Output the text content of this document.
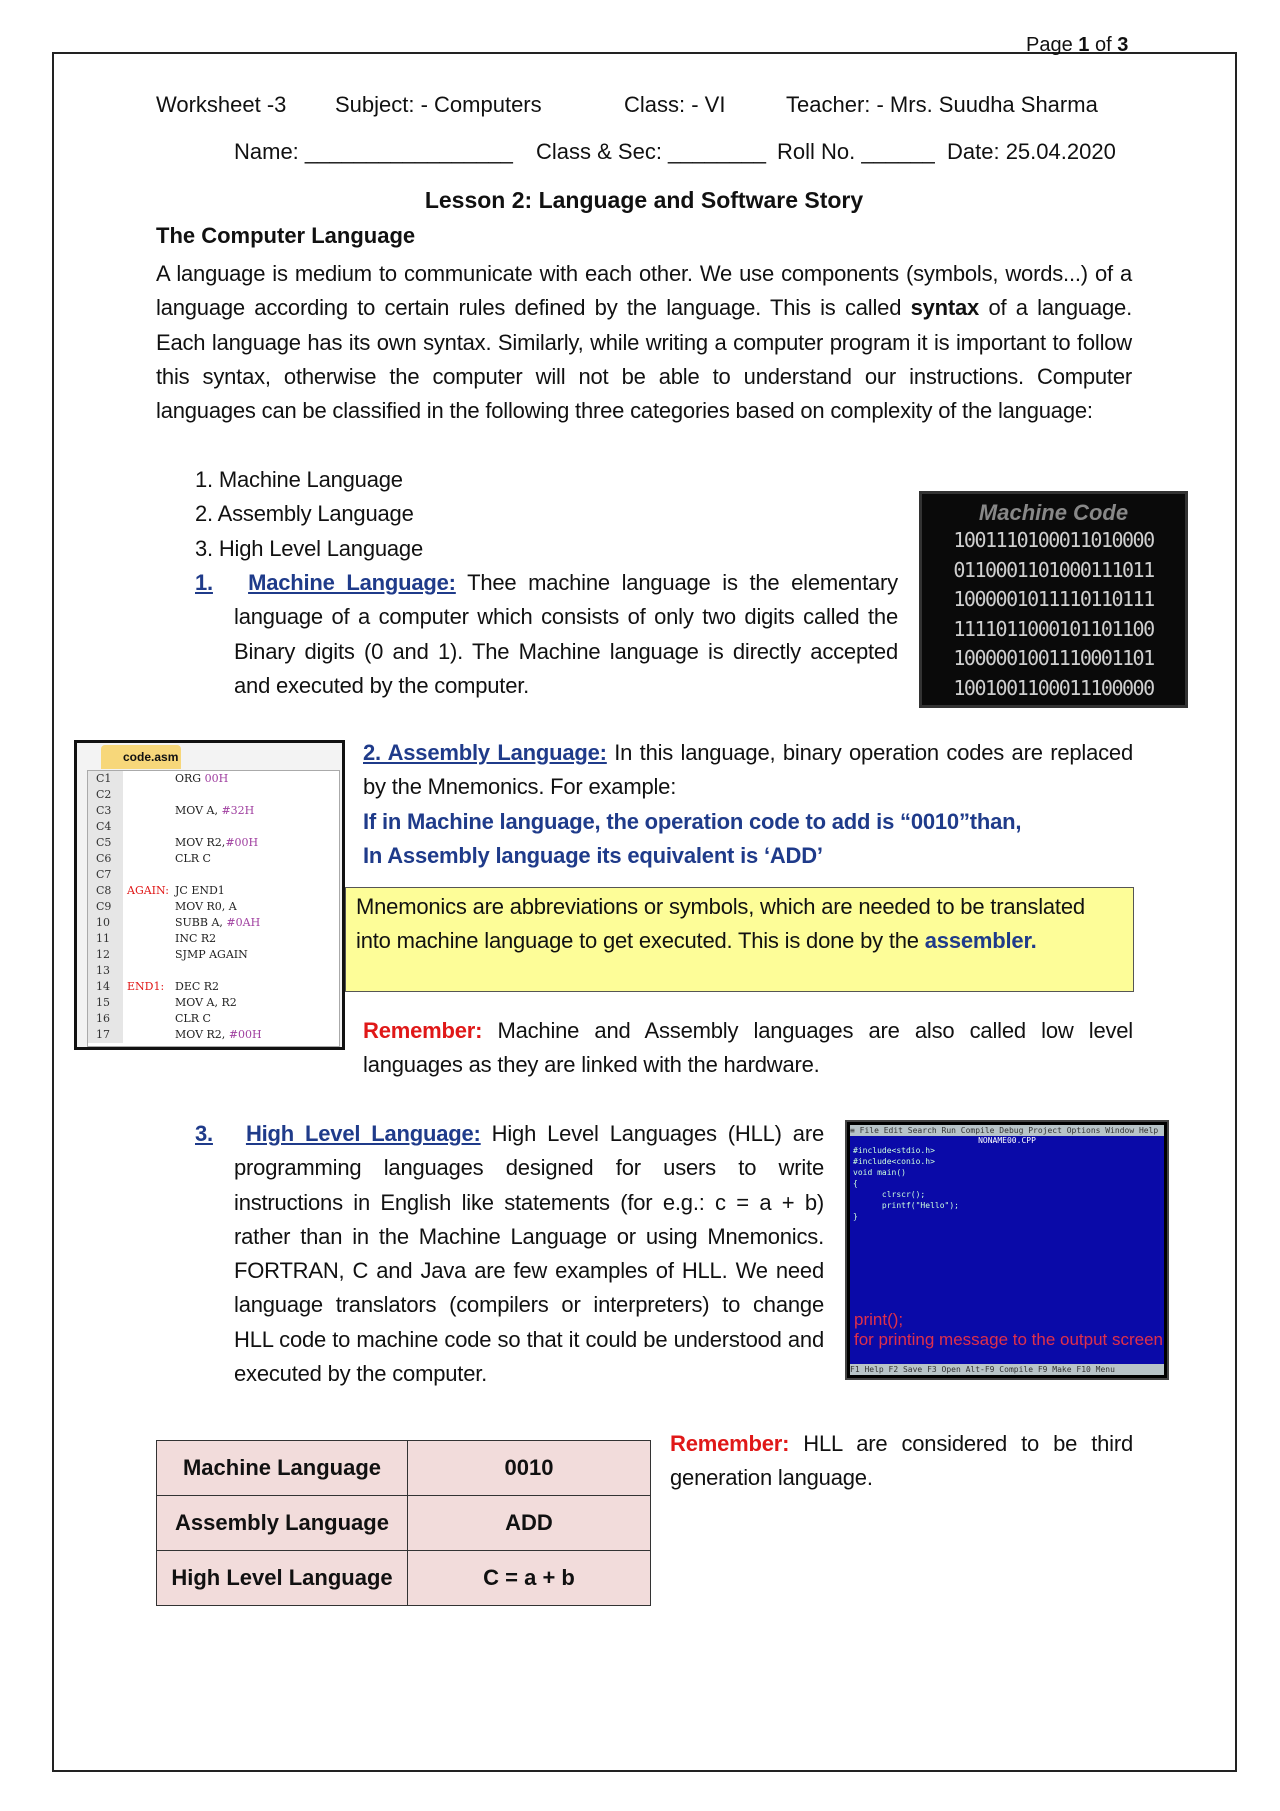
Page 1 of 3
Worksheet -3 Subject: - Computers	Class: - VI	Teacher: - Mrs. Suudha Sharma
Name: _________________ Class & Sec: ________ Roll No. ______ Date: 25.04.2020
Lesson 2: Language and Software Story
The Computer Language
A language is medium to communicate with each other. We use components (symbols, words...) of a language according to certain rules defined by the language. This is called syntax of a language. Each language has its own syntax. Similarly, while writing a computer program it is important to follow this syntax, otherwise the computer will not be able to understand our instructions. Computer languages can be classified in the following three categories based on complexity of the language:
1. Machine Language
2. Assembly Language
3. High Level Language
1. Machine Language: Thee machine language is the elementary language of a computer which consists of only two digits called the Binary digits (0 and 1). The Machine language is directly accepted and executed by the computer.
Machine Code
1001110100011010000
0110001101000111011
1000001011110110111
1111011000101101100
1000001001110001101
1001001100011100000
code.asm
C1	ORG 00H
C2
C3	MOV A, #32H
C4
C5	MOV R2, #00H
C6	CLR C
C7
C8	AGAIN: JC END1
C9	MOV R0, A
10	SUBB A, #0AH
11	INC R2
12	SJMP AGAIN
13
14	END1: DEC R2
15	MOV A, R2
16	CLR C
17	MOV R2, #00H
2. Assembly Language: In this language, binary operation codes are replaced by the Mnemonics. For example:
If in Machine language, the operation code to add is “0010”than,
In Assembly language its equivalent is ‘ADD’
Mnemonics are abbreviations or symbols, which are needed to be translated into machine language to get executed. This is done by the assembler.
Remember: Machine and Assembly languages are also called low level languages as they are linked with the hardware.
3. High Level Language: High Level Languages (HLL) are programming languages designed for users to write instructions in English like statements (for e.g.: c = a + b) rather than in the Machine Language or using Mnemonics. FORTRAN, C and Java are few examples of HLL. We need language translators (compilers or interpreters) to change HLL code to machine code so that it could be understood and executed by the computer.
≡ File Edit Search Run Compile Debug Project Options Window Help
NONAME00.CPP
#include<stdio.h>
#include<conio.h>
void main()
{
clrscr();
printf("Hello");
}
print();
for printing message to the output screen
F1 Help F2 Save F3 Open Alt-F9 Compile F9 Make F10 Menu
Machine Language	0010
Assembly Language	ADD
High Level Language	C = a + b
Remember: HLL are considered to be third generation language.
